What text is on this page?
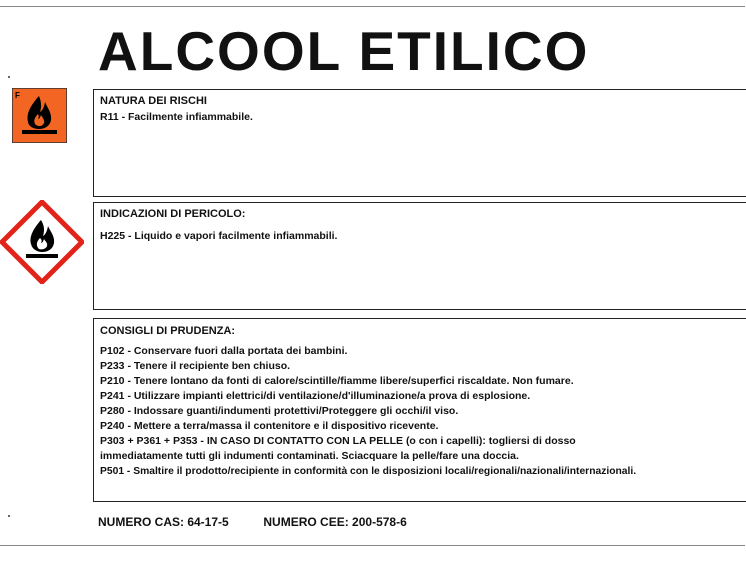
ALCOOL ETILICO
F	NATURA DEI RISCHI
R11 - Facilmente infiammabile.
INDICAZIONI DI PERICOLO:
H225 - Liquido e vapori facilmente infiammabili.
CONSIGLI DI PRUDENZA:
P102 - Conservare fuori dalla portata dei bambini.
P233 - Tenere il recipiente ben chiuso.
P210 - Tenere lontano da fonti di calore/scintille/fiamme libere/superfici riscaldate. Non fumare.
P241 - Utilizzare impianti elettrici/di ventilazione/d'illuminazione/a prova di esplosione.
P280 - Indossare guanti/indumenti protettivi/Proteggere gli occhi/il viso.
P240 - Mettere a terra/massa il contenitore e il dispositivo ricevente.
P303 + P361 + P353 - IN CASO DI CONTATTO CON LA PELLE (o con i capelli): togliersi di dosso
immediatamente tutti gli indumenti contaminati. Sciacquare la pelle/fare una doccia.
P501 - Smaltire il prodotto/recipiente in conformità con le disposizioni locali/regionali/nazionali/internazionali.
NUMERO CAS: 64-17-5	NUMERO CEE: 200-578-6
